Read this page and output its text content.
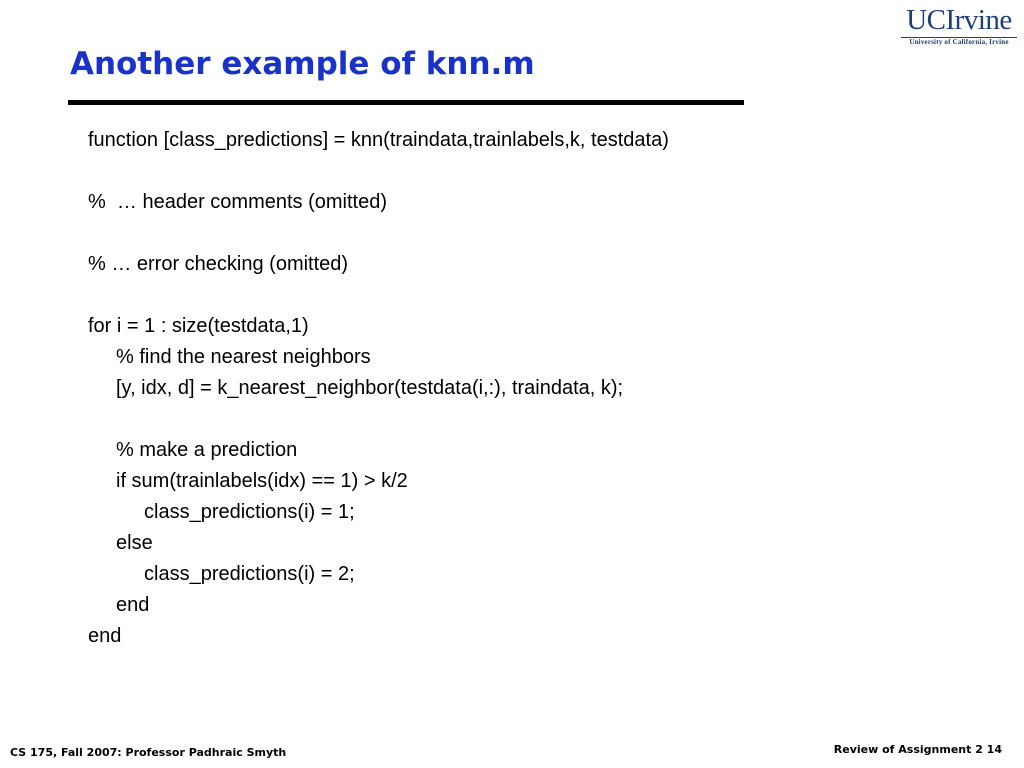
Another example of knn.m
UCIrvine
University of California, Irvine
function [class_predictions] = knn(traindata,trainlabels,k, testdata)
%  … header comments (omitted)
% … error checking (omitted)
for i = 1 : size(testdata,1)
% find the nearest neighbors
[y, idx, d] = k_nearest_neighbor(testdata(i,:), traindata, k);
% make a prediction
if sum(trainlabels(idx) == 1) > k/2
class_predictions(i) = 1;
else
class_predictions(i) = 2;
end
end
CS 175, Fall 2007: Professor Padhraic Smyth	Review of Assignment 2 14
